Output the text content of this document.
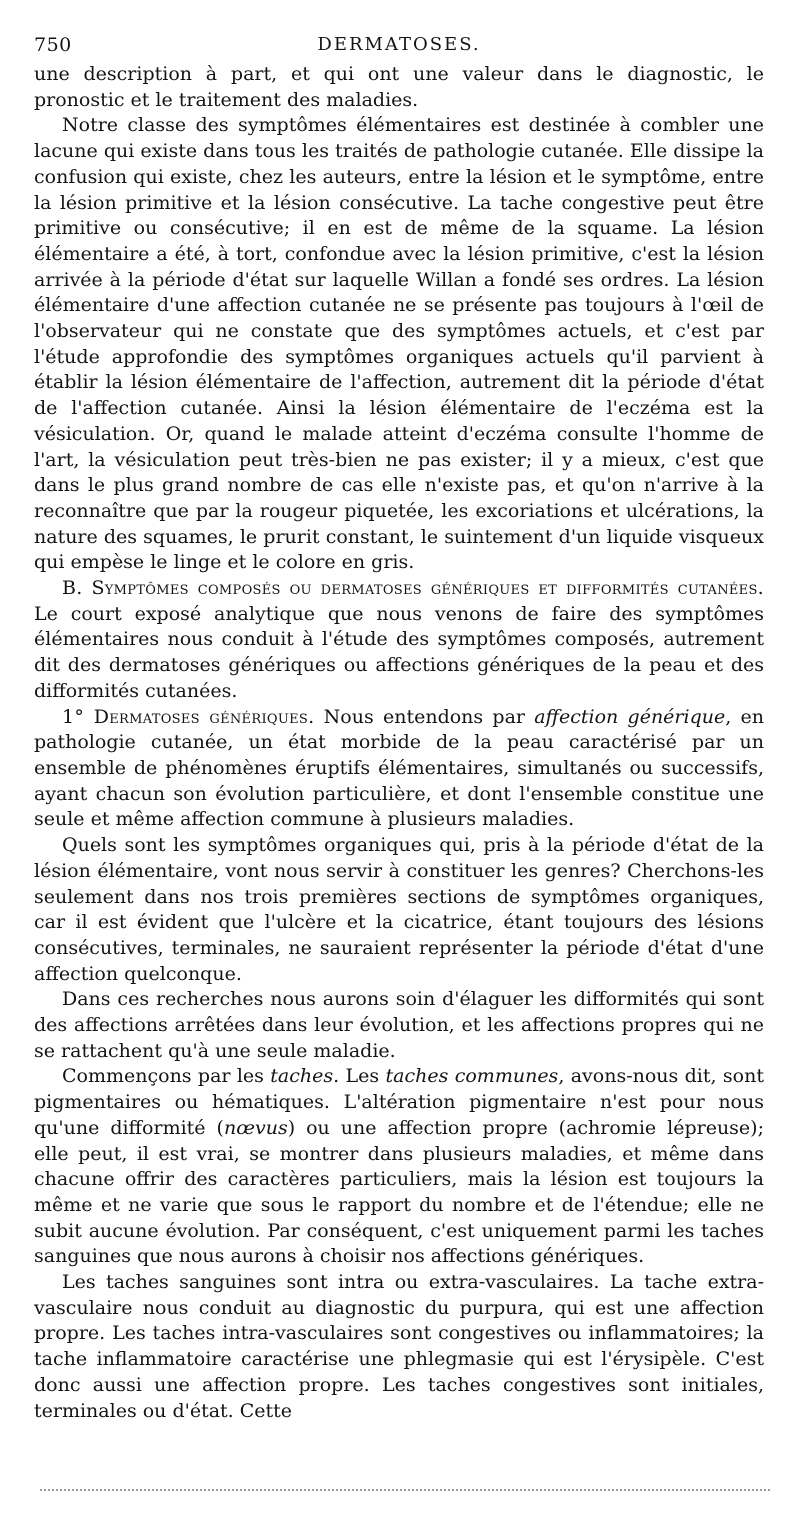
750	DERMATOSES.

une description à part, et qui ont une valeur dans le diagnostic, le pronostic et le traitement des maladies.

Notre classe des symptômes élémentaires est destinée à combler une lacune qui existe dans tous les traités de pathologie cutanée. Elle dissipe la confusion qui existe, chez les auteurs, entre la lésion et le symptôme, entre la lésion primitive et la lésion consécutive. La tache congestive peut être primitive ou consécutive; il en est de même de la squame. La lésion élémentaire a été, à tort, confondue avec la lésion primitive, c'est la lésion arrivée à la période d'état sur laquelle Willan a fondé ses ordres. La lésion élémentaire d'une affection cutanée ne se présente pas toujours à l'œil de l'observateur qui ne constate que des symptômes actuels, et c'est par l'étude approfondie des symptômes organiques actuels qu'il parvient à établir la lésion élémentaire de l'affection, autrement dit la période d'état de l'affection cutanée. Ainsi la lésion élémentaire de l'eczéma est la vésiculation. Or, quand le malade atteint d'eczéma consulte l'homme de l'art, la vésiculation peut très-bien ne pas exister; il y a mieux, c'est que dans le plus grand nombre de cas elle n'existe pas, et qu'on n'arrive à la reconnaître que par la rougeur piquetée, les excoriations et ulcérations, la nature des squames, le prurit constant, le suintement d'un liquide visqueux qui empèse le linge et le colore en gris.

B. Symptômes composés ou dermatoses génériques et difformités cutanées. Le court exposé analytique que nous venons de faire des symptômes élémentaires nous conduit à l'étude des symptômes composés, autrement dit des dermatoses génériques ou affections génériques de la peau et des difformités cutanées.

1° Dermatoses génériques. Nous entendons par affection générique, en pathologie cutanée, un état morbide de la peau caractérisé par un ensemble de phénomènes éruptifs élémentaires, simultanés ou successifs, ayant chacun son évolution particulière, et dont l'ensemble constitue une seule et même affection commune à plusieurs maladies.

Quels sont les symptômes organiques qui, pris à la période d'état de la lésion élémentaire, vont nous servir à constituer les genres? Cherchons-les seulement dans nos trois premières sections de symptômes organiques, car il est évident que l'ulcère et la cicatrice, étant toujours des lésions consécutives, terminales, ne sauraient représenter la période d'état d'une affection quelconque.

Dans ces recherches nous aurons soin d'élaguer les difformités qui sont des affections arrêtées dans leur évolution, et les affections propres qui ne se rattachent qu'à une seule maladie.

Commençons par les taches. Les taches communes, avons-nous dit, sont pigmentaires ou hématiques. L'altération pigmentaire n'est pour nous qu'une difformité (nœvus) ou une affection propre (achromie lépreuse); elle peut, il est vrai, se montrer dans plusieurs maladies, et même dans chacune offrir des caractères particuliers, mais la lésion est toujours la même et ne varie que sous le rapport du nombre et de l'étendue; elle ne subit aucune évolution. Par conséquent, c'est uniquement parmi les taches sanguines que nous aurons à choisir nos affections génériques.

Les taches sanguines sont intra ou extra-vasculaires. La tache extra-vasculaire nous conduit au diagnostic du purpura, qui est une affection propre. Les taches intra-vasculaires sont congestives ou inflammatoires; la tache inflammatoire caractérise une phlegmasie qui est l'érysipèle. C'est donc aussi une affection propre. Les taches congestives sont initiales, terminales ou d'état. Cette
